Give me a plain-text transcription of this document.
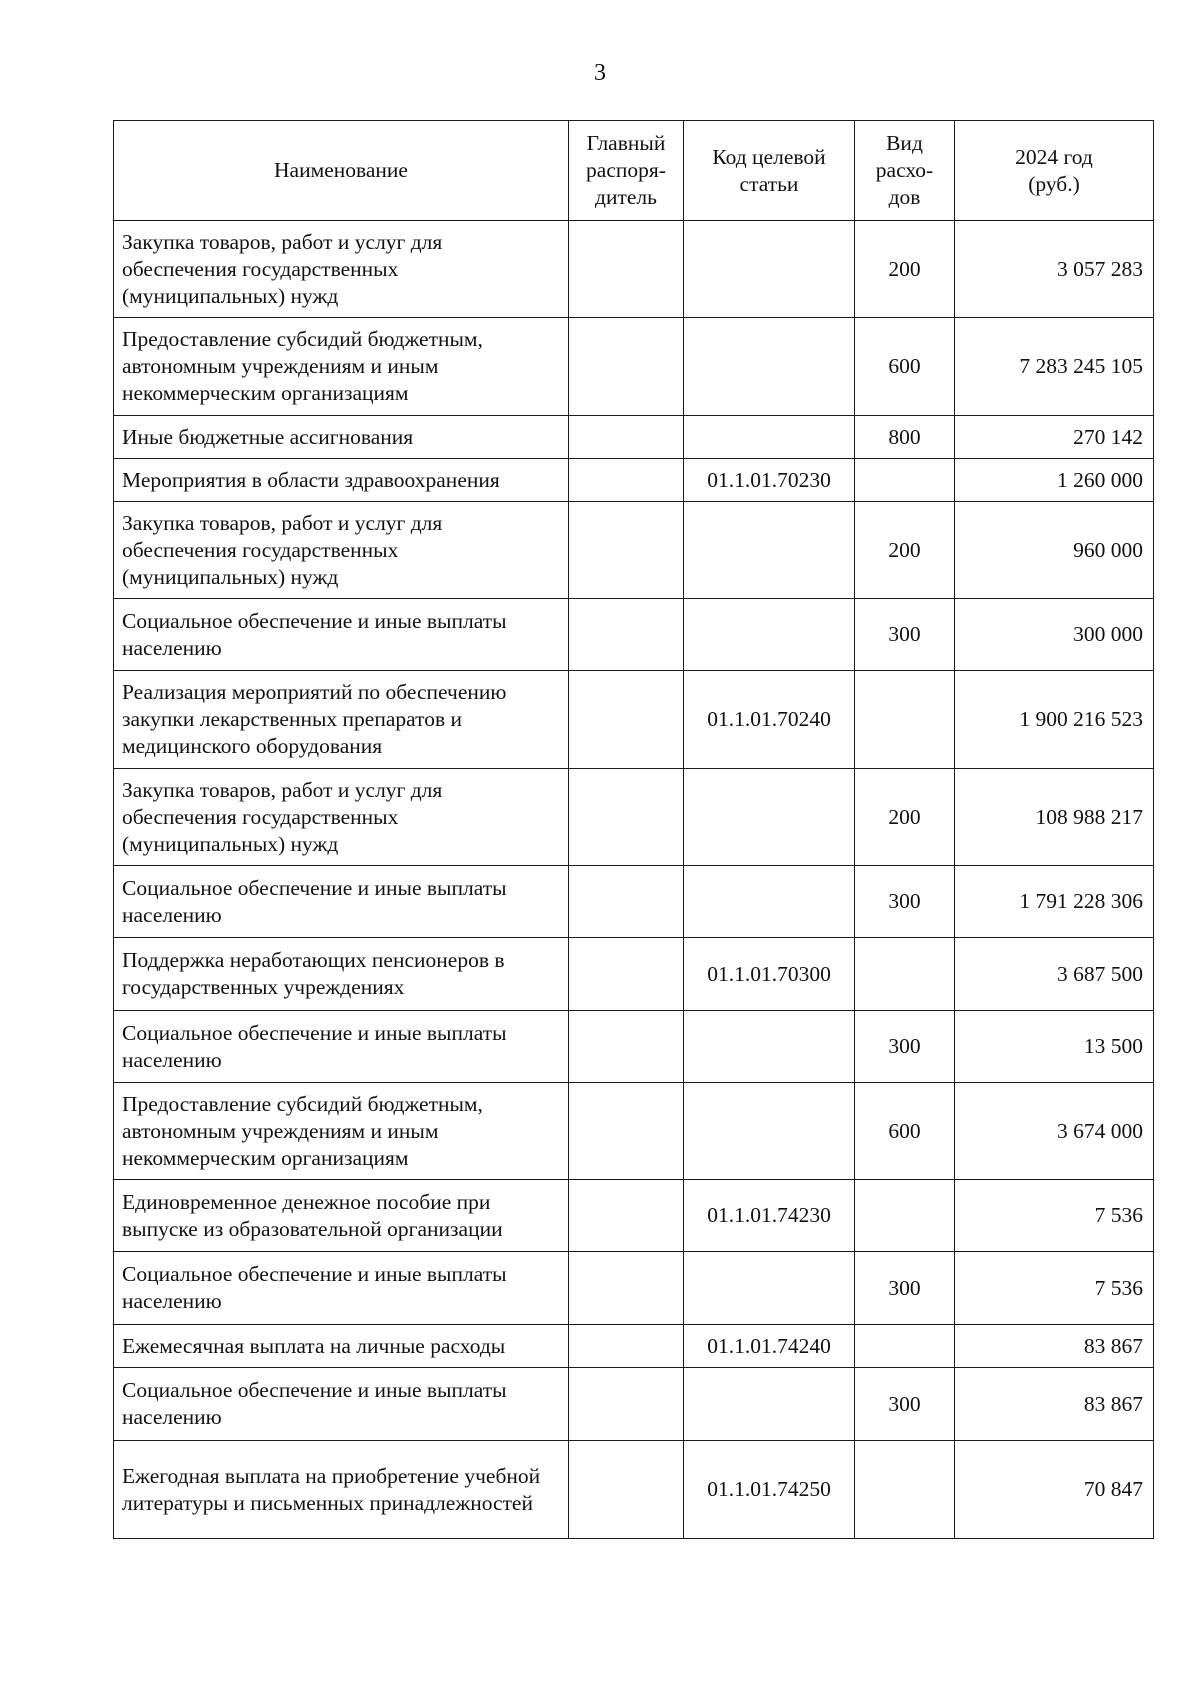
3
Наименование	Главный
распоря-
дитель	Код целевой
статьи	Вид
расхо-
дов	2024 год
(руб.)
Закупка товаров, работ и услуг для обеспечения государственных (муниципальных) нужд			200	3 057 283
Предоставление субсидий бюджетным, автономным учреждениям и иным некоммерческим организациям			600	7 283 245 105
Иные бюджетные ассигнования			800	270 142
Мероприятия в области здравоохранения		01.1.01.70230		1 260 000
Закупка товаров, работ и услуг для обеспечения государственных (муниципальных) нужд			200	960 000
Социальное обеспечение и иные выплаты населению			300	300 000
Реализация мероприятий по обеспечению закупки лекарственных препаратов и медицинского оборудования		01.1.01.70240		1 900 216 523
Закупка товаров, работ и услуг для обеспечения государственных (муниципальных) нужд			200	108 988 217
Социальное обеспечение и иные выплаты населению			300	1 791 228 306
Поддержка неработающих пенсионеров в государственных учреждениях		01.1.01.70300		3 687 500
Социальное обеспечение и иные выплаты населению			300	13 500
Предоставление субсидий бюджетным, автономным учреждениям и иным некоммерческим организациям			600	3 674 000
Единовременное денежное пособие при выпуске из образовательной организации		01.1.01.74230		7 536
Социальное обеспечение и иные выплаты населению			300	7 536
Ежемесячная выплата на личные расходы		01.1.01.74240		83 867
Социальное обеспечение и иные выплаты населению			300	83 867
Ежегодная выплата на приобретение учебной литературы и письменных принадлежностей		01.1.01.74250		70 847
